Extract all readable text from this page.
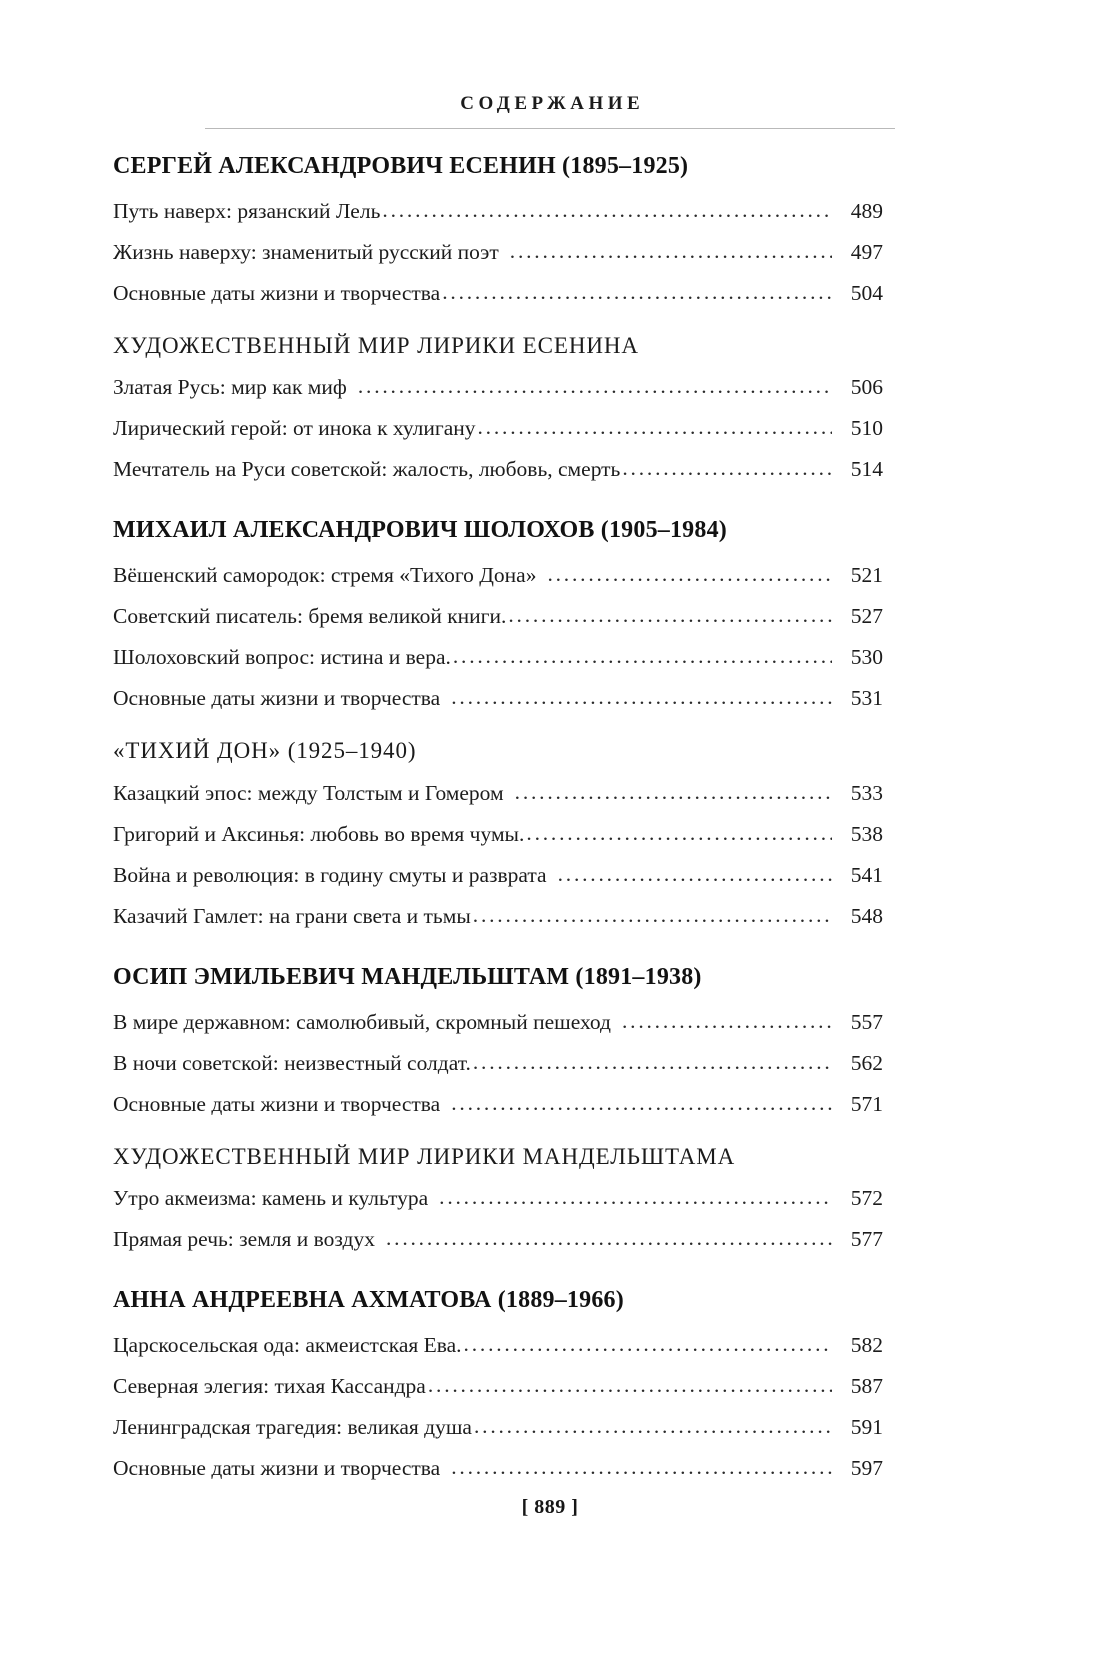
СОДЕРЖАНИЕ
СЕРГЕЙ АЛЕКСАНДРОВИЧ ЕСЕНИН (1895–1925)
Путь наверх: рязанский Лель .....	489
Жизнь наверху: знаменитый русский поэт .....	497
Основные даты жизни и творчества .....	504
ХУДОЖЕСТВЕННЫЙ МИР ЛИРИКИ ЕСЕНИНА
Златая Русь: мир как миф .....	506
Лирический герой: от инока к хулигану .....	510
Мечтатель на Руси советской: жалость, любовь, смерть .....	514
МИХАИЛ АЛЕКСАНДРОВИЧ ШОЛОХОВ (1905–1984)
Вёшенский самородок: стремя «Тихого Дона» .....	521
Советский писатель: бремя великой книги. .....	527
Шолоховский вопрос: истина и вера. .....	530
Основные даты жизни и творчества .....	531
«ТИХИЙ ДОН» (1925–1940)
Казацкий эпос: между Толстым и Гомером .....	533
Григорий и Аксинья: любовь во время чумы. .....	538
Война и революция: в годину смуты и разврата .....	541
Казачий Гамлет: на грани света и тьмы .....	548
ОСИП ЭМИЛЬЕВИЧ МАНДЕЛЬШТАМ (1891–1938)
В мире державном: самолюбивый, скромный пешеход .....	557
В ночи советской: неизвестный солдат. .....	562
Основные даты жизни и творчества .....	571
ХУДОЖЕСТВЕННЫЙ МИР ЛИРИКИ МАНДЕЛЬШТАМА
Утро акмеизма: камень и культура .....	572
Прямая речь: земля и воздух .....	577
АННА АНДРЕЕВНА АХМАТОВА (1889–1966)
Царскосельская ода: акмеистская Ева. .....	582
Северная элегия: тихая Кассандра .....	587
Ленинградская трагедия: великая душа .....	591
Основные даты жизни и творчества .....	597
[ 889 ]
